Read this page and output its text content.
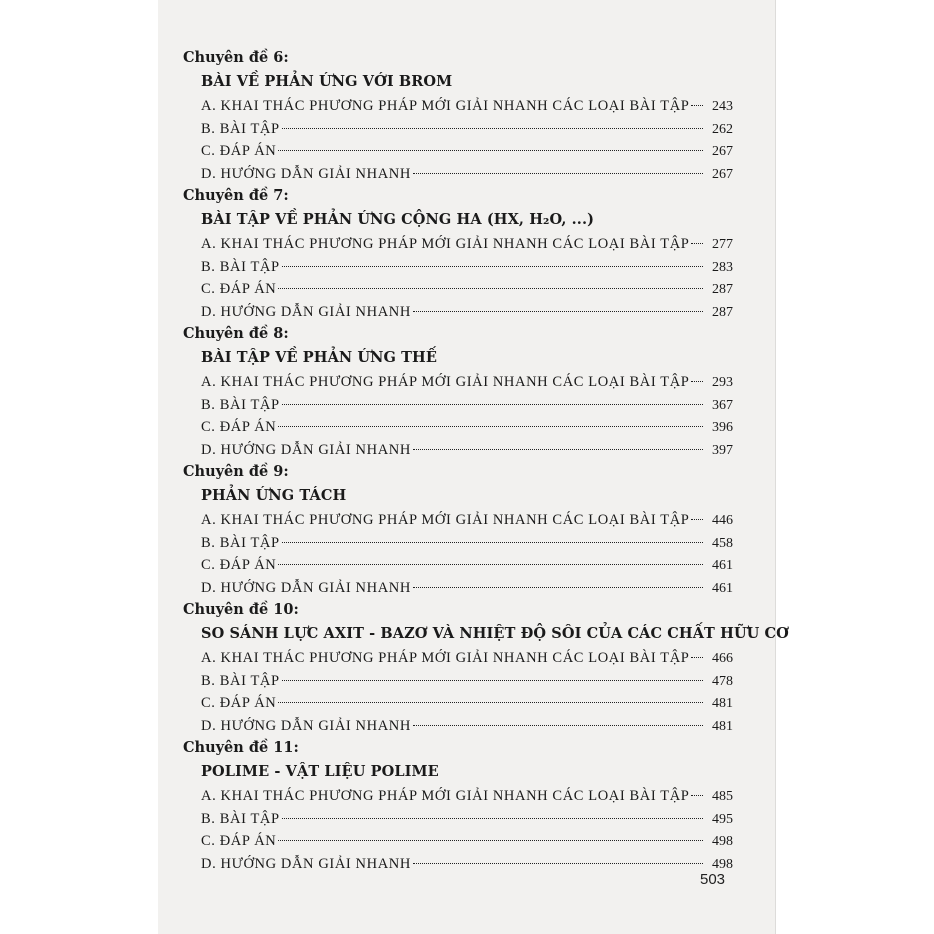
Chuyên đề 6:
BÀI VỀ PHẢN ỨNG VỚI BROM
A. KHAI THÁC PHƯƠNG PHÁP MỚI GIẢI NHANH CÁC LOẠI BÀI TẬP	243
B. BÀI TẬP	262
C. ĐÁP ÁN	267
D. HƯỚNG DẪN GIẢI NHANH	267
Chuyên đề 7:
BÀI TẬP VỀ PHẢN ỨNG CỘNG HA (HX, H₂O, ...)
A. KHAI THÁC PHƯƠNG PHÁP MỚI GIẢI NHANH CÁC LOẠI BÀI TẬP	277
B. BÀI TẬP	283
C. ĐÁP ÁN	287
D. HƯỚNG DẪN GIẢI NHANH	287
Chuyên đề 8:
BÀI TẬP VỀ PHẢN ỨNG THẾ
A. KHAI THÁC PHƯƠNG PHÁP MỚI GIẢI NHANH CÁC LOẠI BÀI TẬP	293
B. BÀI TẬP	367
C. ĐÁP ÁN	396
D. HƯỚNG DẪN GIẢI NHANH	397
Chuyên đề 9:
PHẢN ỨNG TÁCH
A. KHAI THÁC PHƯƠNG PHÁP MỚI GIẢI NHANH CÁC LOẠI BÀI TẬP	446
B. BÀI TẬP	458
C. ĐÁP ÁN	461
D. HƯỚNG DẪN GIẢI NHANH	461
Chuyên đề 10:
SO SÁNH LỰC AXIT - BAZƠ VÀ NHIỆT ĐỘ SÔI CỦA CÁC CHẤT HỮU CƠ
A. KHAI THÁC PHƯƠNG PHÁP MỚI GIẢI NHANH CÁC LOẠI BÀI TẬP	466
B. BÀI TẬP	478
C. ĐÁP ÁN	481
D. HƯỚNG DẪN GIẢI NHANH	481
Chuyên đề 11:
POLIME - VẬT LIỆU POLIME
A. KHAI THÁC PHƯƠNG PHÁP MỚI GIẢI NHANH CÁC LOẠI BÀI TẬP	485
B. BÀI TẬP	495
C. ĐÁP ÁN	498
D. HƯỚNG DẪN GIẢI NHANH	498
503
